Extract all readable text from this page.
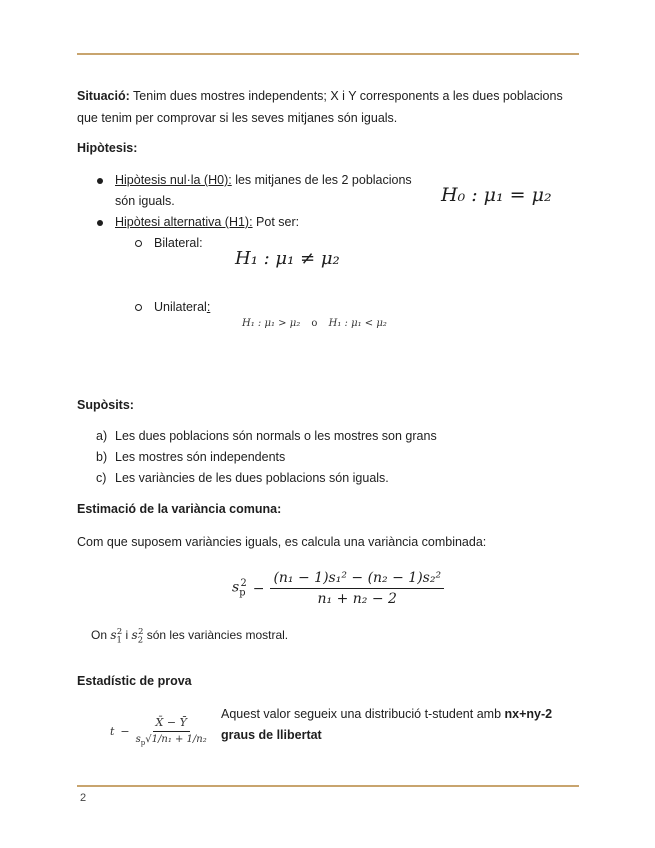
Situació: Tenim dues mostres independents; X i Y corresponents a les dues poblacions que tenim per comprovar si les seves mitjanes són iguals.
Hipòtesis:
Hipòtesis nul·la (H0): les mitjanes de les 2 poblacions
són iguals.	H₀ : μ₁ = μ₂
Hipòtesi alternativa (H1): Pot ser:
Bilateral:
H₁ : μ₁ ≠ μ₂
Unilateral:
H₁ : μ₁ > μ₂ o H₁ : μ₁ < μ₂
Supòsits:
a) Les dues poblacions són normals o les mostres son grans
b) Les mostres són independents
c) Les variàncies de les dues poblacions són iguals.
Estimació de la variància comuna:
Com que suposem variàncies iguals, es calcula una variància combinada:
$s_p^2 - \frac{\text{(n₁ − 1)s₁² − (n₂ − 1)s₂²}}{\text{n₁ + n₂ − 2}}$
On $s_1^2$ i $s_2^2$ són les variàncies mostral.
Estadístic de prova
$t - \frac{X̄ - Ȳ}{s_p√1/n_1 + 1/n_2}$
Aquest valor segueix una distribució t-student amb nx+ny-2
graus de llibertat
2
